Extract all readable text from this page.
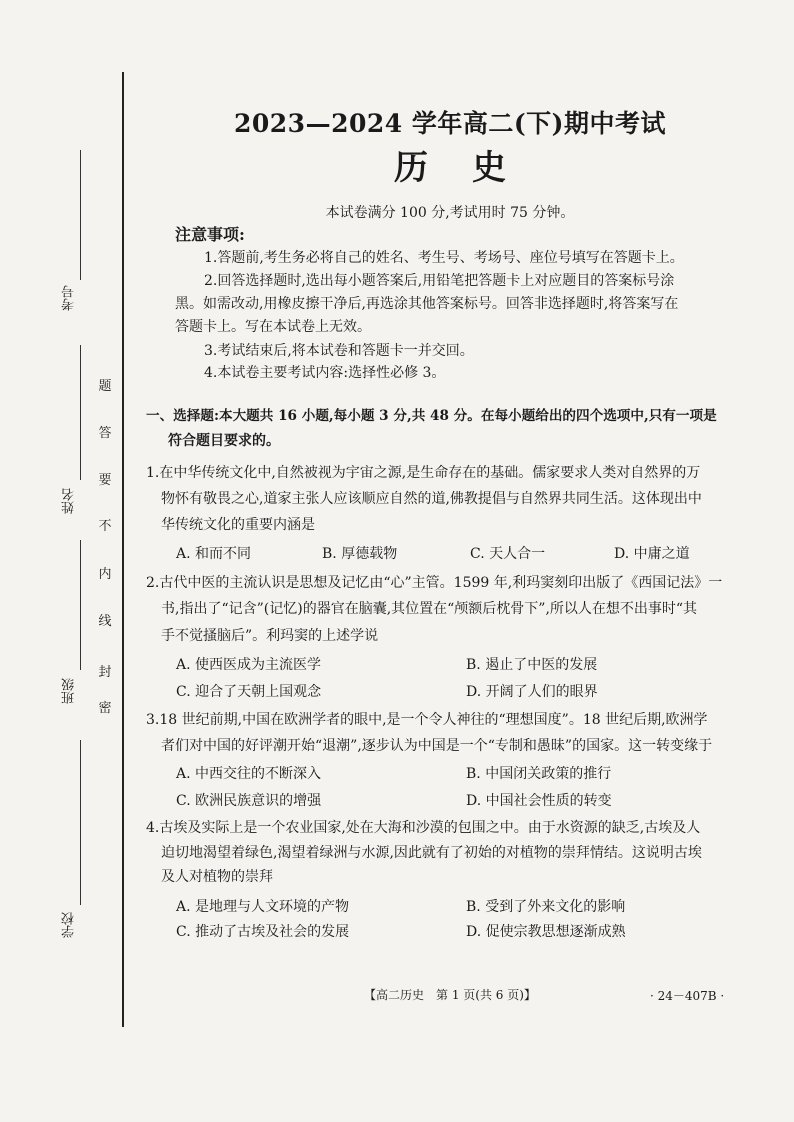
考号
姓名
班级
学校
密
封
线
内
不
要
答
题
2023—2024 学年高二(下)期中考试
历史
本试卷满分 100 分,考试用时 75 分钟。
注意事项:
1.答题前,考生务必将自己的姓名、考生号、考场号、座位号填写在答题卡上。
2.回答选择题时,选出每小题答案后,用铅笔把答题卡上对应题目的答案标号涂
黑。如需改动,用橡皮擦干净后,再选涂其他答案标号。回答非选择题时,将答案写在
答题卡上。写在本试卷上无效。
3.考试结束后,将本试卷和答题卡一并交回。
4.本试卷主要考试内容:选择性必修 3。
一、选择题:本大题共 16 小题,每小题 3 分,共 48 分。在每小题给出的四个选项中,只有一项是
符合题目要求的。
1.在中华传统文化中,自然被视为宇宙之源,是生命存在的基础。儒家要求人类对自然界的万
物怀有敬畏之心,道家主张人应该顺应自然的道,佛教提倡与自然界共同生活。这体现出中
华传统文化的重要内涵是
A. 和而不同	B. 厚德载物	C. 天人合一	D. 中庸之道
2.古代中医的主流认识是思想及记忆由“心”主管。1599 年,利玛窦刻印出版了《西国记法》一
书,指出了“记含”(记忆)的器官在脑囊,其位置在“颅额后枕骨下”,所以人在想不出事时“其
手不觉搔脑后”。利玛窦的上述学说
A. 使西医成为主流医学	B. 遏止了中医的发展
C. 迎合了天朝上国观念	D. 开阔了人们的眼界
3.18 世纪前期,中国在欧洲学者的眼中,是一个令人神往的“理想国度”。18 世纪后期,欧洲学
者们对中国的好评潮开始“退潮”,逐步认为中国是一个“专制和愚昧”的国家。这一转变缘于
A. 中西交往的不断深入	B. 中国闭关政策的推行
C. 欧洲民族意识的增强	D. 中国社会性质的转变
4.古埃及实际上是一个农业国家,处在大海和沙漠的包围之中。由于水资源的缺乏,古埃及人
迫切地渴望着绿色,渴望着绿洲与水源,因此就有了初始的对植物的崇拜情结。这说明古埃
及人对植物的崇拜
A. 是地理与人文环境的产物	B. 受到了外来文化的影响
C. 推动了古埃及社会的发展	D. 促使宗教思想逐渐成熟
【高二历史　第 1 页(共 6 页)】	· 24－407B ·
